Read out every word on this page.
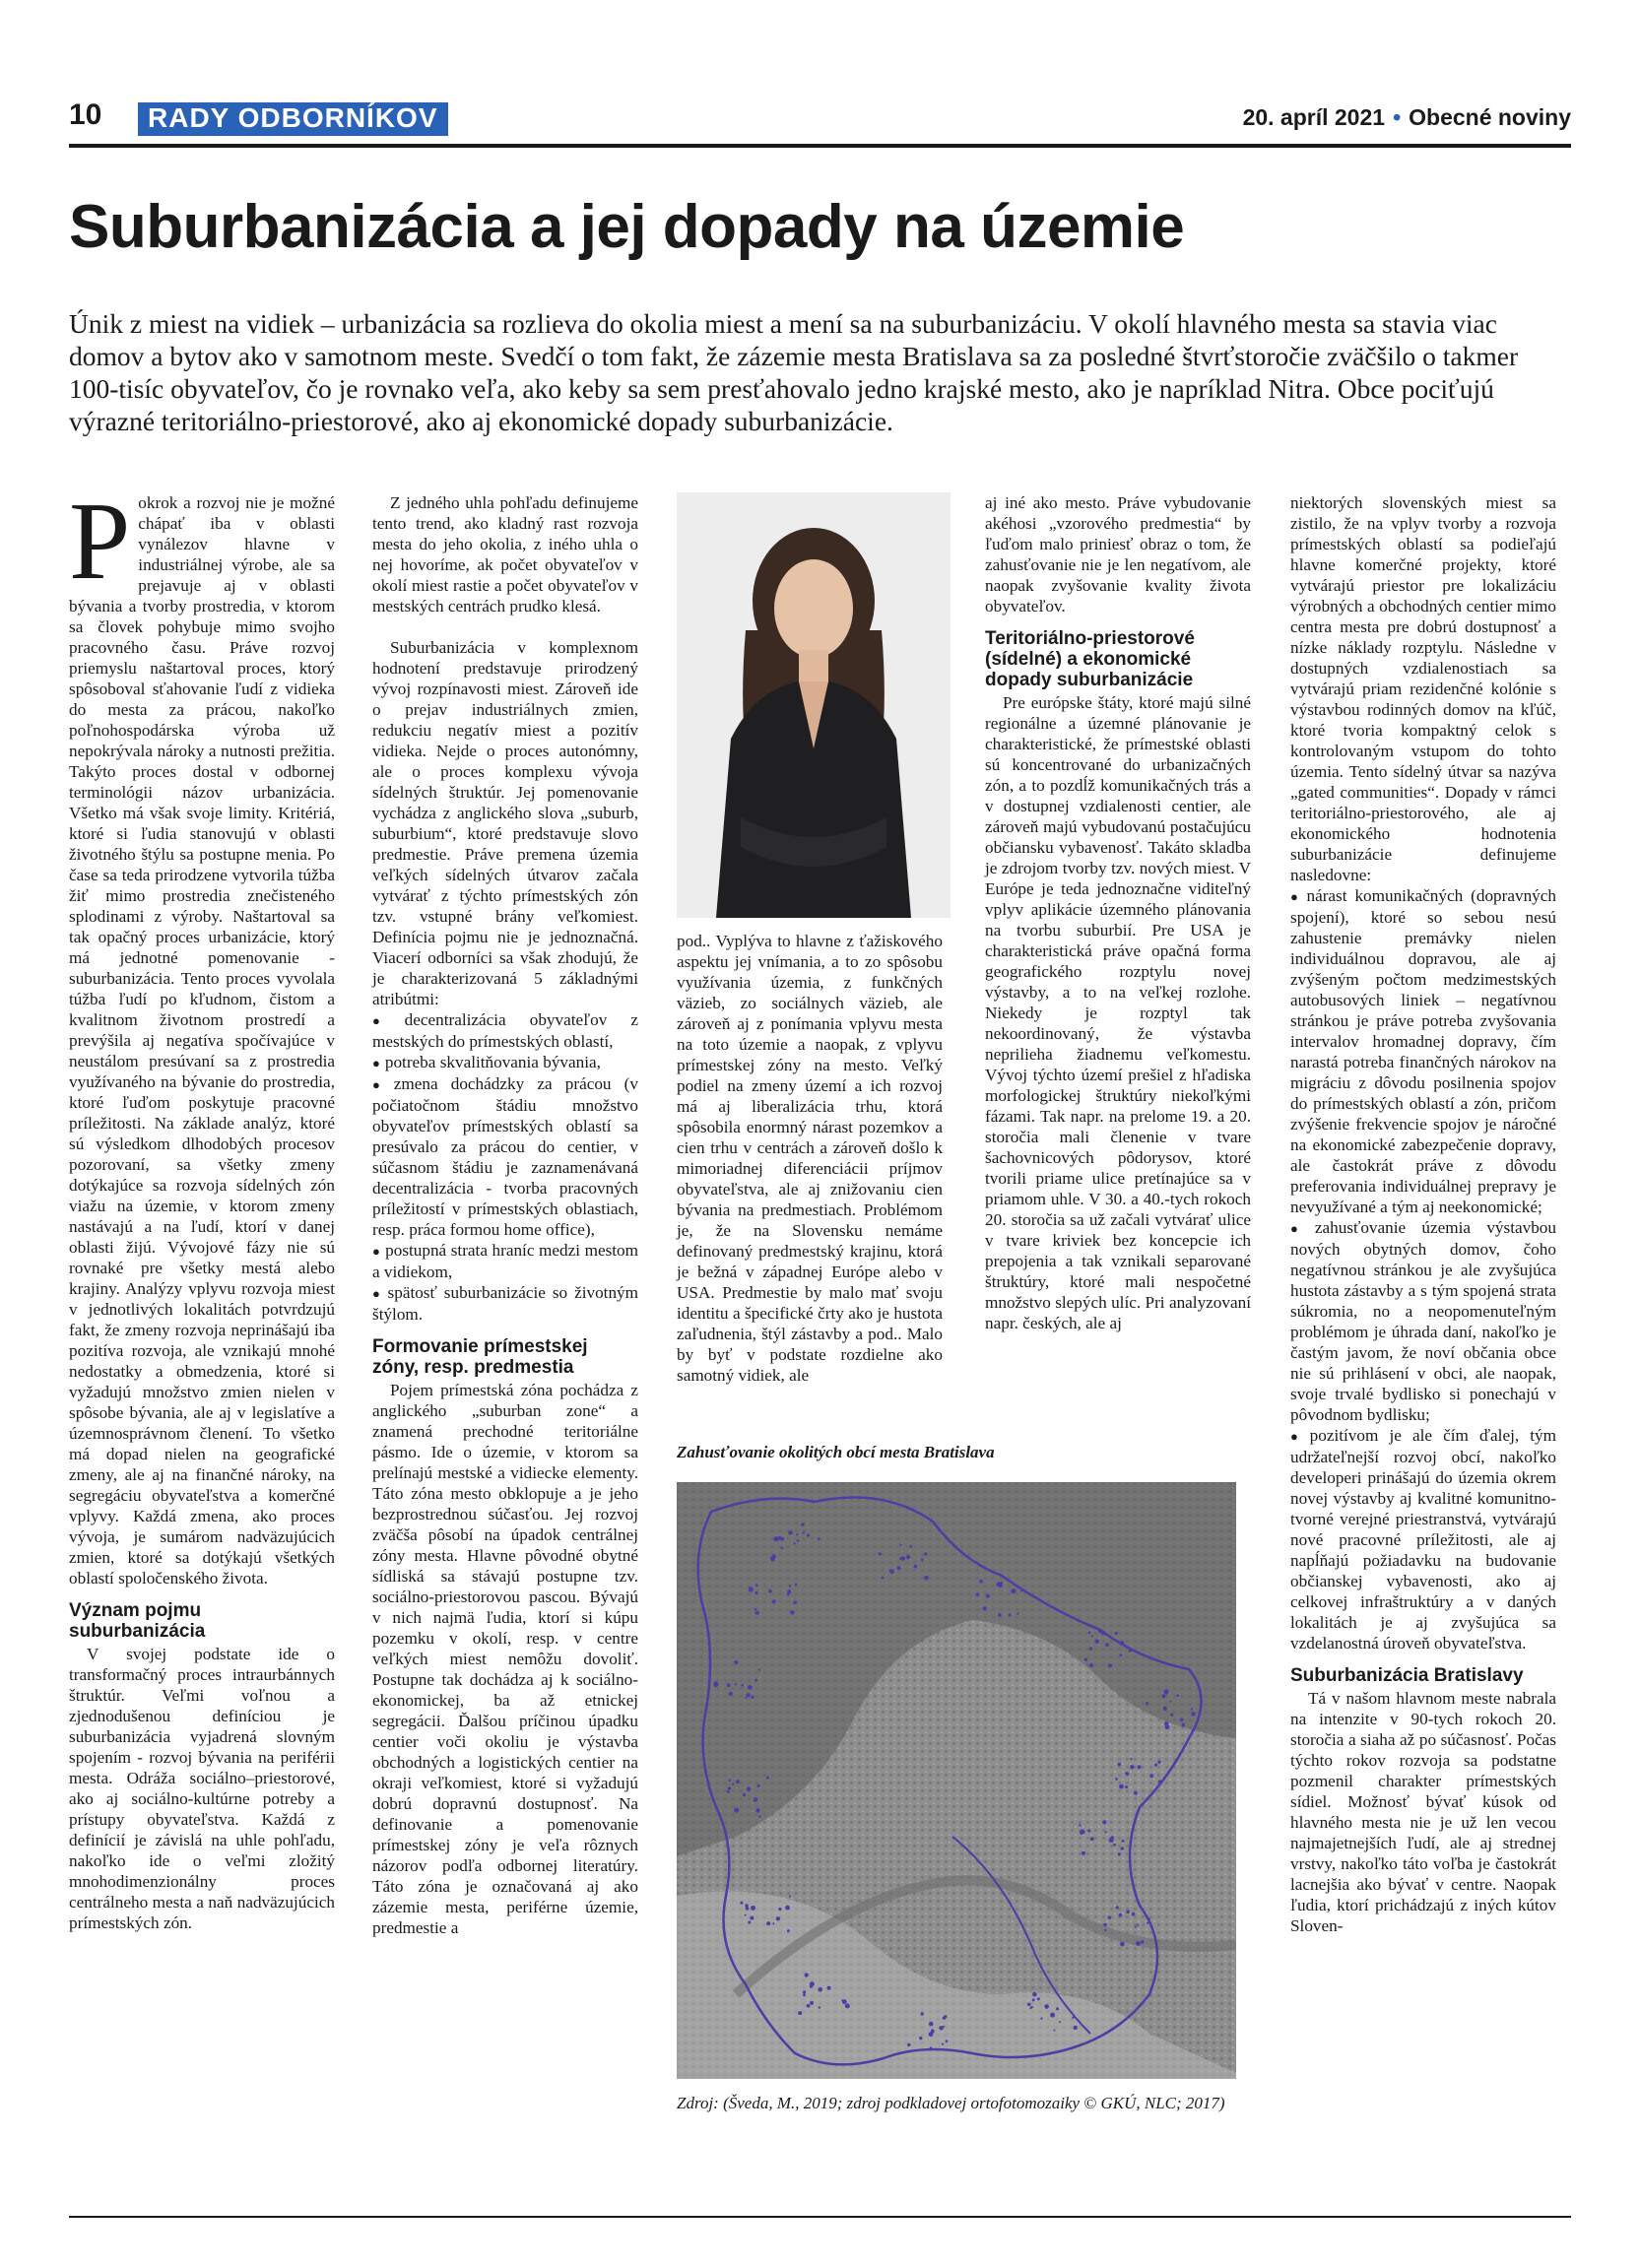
10	RADY ODBORNÍKOV	20. apríl 2021 • Obecné noviny
Suburbanizácia a jej dopady na územie

Únik z miest na vidiek – urbanizácia sa rozlieva do okolia miest a mení sa na suburbanizáciu. V okolí hlavného mesta sa stavia viac domov a bytov ako v samotnom meste. Svedčí o tom fakt, že zázemie mesta Bratislava sa za posledné štvrťstoročie zväčšilo o takmer 100-tisíc obyvateľov, čo je rovnako veľa, ako keby sa sem presťahovalo jedno krajské mesto, ako je napríklad Nitra. Obce pociťujú výrazné teritoriálno-priestorové, ako aj ekonomické dopady suburbanizácie.

Pokrok a rozvoj nie je možné chápať iba v oblasti vynálezov hlavne v industriálnej výrobe, ale sa prejavuje aj v oblasti bývania a tvorby prostredia, v ktorom sa človek pohybuje mimo svojho pracovného času. Práve rozvoj priemyslu naštartoval proces, ktorý spôsoboval sťahovanie ľudí z vidieka do mesta za prácou, nakoľko poľnohospodárska výroba už nepokrývala nároky a nutnosti prežitia. Takýto proces dostal v odbornej terminológii názov urbanizácia. Všetko má však svoje limity. Kritériá, ktoré si ľudia stanovujú v oblasti životného štýlu sa postupne menia. Po čase sa teda prirodzene vytvorila túžba žiť mimo prostredia znečisteného splodinami z výroby. Naštartoval sa tak opačný proces urbanizácie, ktorý má jednotné pomenovanie - suburbanizácia. Tento proces vyvolala túžba ľudí po kľudnom, čistom a kvalitnom životnom prostredí a prevýšila aj negatíva spočívajúce v neustálom presúvaní sa z prostredia využívaného na bývanie do prostredia, ktoré ľuďom poskytuje pracovné príležitosti. Na základe analýz, ktoré sú výsledkom dlhodobých procesov pozorovaní, sa všetky zmeny dotýkajúce sa rozvoja sídelných zón viažu na územie, v ktorom zmeny nastávajú a na ľudí, ktorí v danej oblasti žijú. Vývojové fázy nie sú rovnaké pre všetky mestá alebo krajiny. Analýzy vplyvu rozvoja miest v jednotlivých lokalitách potvrdzujú fakt, že zmeny rozvoja neprinášajú iba pozitíva rozvoja, ale vznikajú mnohé nedostatky a obmedzenia, ktoré si vyžadujú množstvo zmien nielen v spôsobe bývania, ale aj v legislatíve a územnosprávnom členení. To všetko má dopad nielen na geografické zmeny, ale aj na finančné nároky, na segregáciu obyvateľstva a komerčné vplyvy. Každá zmena, ako proces vývoja, je sumárom nadväzujúcich zmien, ktoré sa dotýkajú všetkých oblastí spoločenského života.

Význam pojmu suburbanizácia

V svojej podstate ide o transformačný proces intraurbánnych štruktúr. Veľmi voľnou a zjednodušenou definíciou je suburbanizácia vyjadrená slovným spojením - rozvoj bývania na periférii mesta. Odráža sociálno–priestorové, ako aj sociálno-kultúrne potreby a prístupy obyvateľstva. Každá z definícií je závislá na uhle pohľadu, nakoľko ide o veľmi zložitý mnohodimenzionálny proces centrálneho mesta a naň nadväzujúcich prímestských zón.

Z jedného uhla pohľadu definujeme tento trend, ako kladný rast rozvoja mesta do jeho okolia, z iného uhla o nej hovoríme, ak počet obyvateľov v okolí miest rastie a počet obyvateľov v mestských centrách prudko klesá.

Suburbanizácia v komplexnom hodnotení predstavuje prirodzený vývoj rozpínavosti miest. Zároveň ide o prejav industriálnych zmien, redukciu negatív miest a pozitív vidieka. Nejde o proces autonómny, ale o proces komplexu vývoja sídelných štruktúr. Jej pomenovanie vychádza z anglického slova „suburb, suburbium“, ktoré predstavuje slovo predmestie. Práve premena územia veľkých sídelných útvarov začala vytvárať z týchto prímestských zón tzv. vstupné brány veľkomiest. Definícia pojmu nie je jednoznačná. Viacerí odborníci sa však zhodujú, že je charakterizovaná 5 základnými atribútmi:

● decentralizácia obyvateľov z mestských do prímestských oblastí,
● potreba skvalitňovania bývania,
● zmena dochádzky za prácou (v počiatočnom štádiu množstvo obyvateľov prímestských oblastí sa presúvalo za prácou do centier, v súčasnom štádiu je zaznamenávaná decentralizácia - tvorba pracovných príležitostí v prímestských oblastiach, resp. práca formou home office),
● postupná strata hraníc medzi mestom a vidiekom,
● spätosť suburbanizácie so životným štýlom.
Formovanie prímestskej zóny, resp. predmestia

Pojem prímestská zóna pochádza z anglického „suburban zone“ a znamená prechodné teritoriálne pásmo. Ide o územie, v ktorom sa prelínajú mestské a vidiecke elementy. Táto zóna mesto obklopuje a je jeho bezprostrednou súčasťou. Jej rozvoj zväčša pôsobí na úpadok centrálnej zóny mesta. Hlavne pôvodné obytné sídliská sa stávajú postupne tzv. sociálno-priestorovou pascou. Bývajú v nich najmä ľudia, ktorí si kúpu pozemku v okolí, resp. v centre veľkých miest nemôžu dovoliť. Postupne tak dochádza aj k sociálno-ekonomickej, ba až etnickej segregácii. Ďalšou príčinou úpadku centier voči okoliu je výstavba obchodných a logistických centier na okraji veľkomiest, ktoré si vyžadujú dobrú dopravnú dostupnosť. Na definovanie a pomenovanie prímestskej zóny je veľa rôznych názorov podľa odbornej literatúry. Táto zóna je označovaná aj ako zázemie mesta, periférne územie, predmestie a

pod.. Vyplýva to hlavne z ťažiskového aspektu jej vnímania, a to zo spôsobu využívania územia, z funkčných väzieb, zo sociálnych väzieb, ale zároveň aj z ponímania vplyvu mesta na toto územie a naopak, z vplyvu prímestskej zóny na mesto. Veľký podiel na zmeny území a ich rozvoj má aj liberalizácia trhu, ktorá spôsobila enormný nárast pozemkov a cien trhu v centrách a zároveň došlo k mimoriadnej diferenciácii príjmov obyvateľstva, ale aj znižovaniu cien bývania na predmestiach. Problémom je, že na Slovensku nemáme definovaný predmestský krajinu, ktorá je bežná v západnej Európe alebo v USA. Predmestie by malo mať svoju identitu a špecifické črty ako je hustota zaľudnenia, štýl zástavby a pod.. Malo by byť v podstate rozdielne ako samotný vidiek, ale

aj iné ako mesto. Práve vybudovanie akéhosi „vzorového predmestia“ by ľuďom malo priniesť obraz o tom, že zahusťovanie nie je len negatívom, ale naopak zvyšovanie kvality života obyvateľov.

Teritoriálno-priestorové (sídelné) a ekonomické dopady suburbanizácie

Pre európske štáty, ktoré majú silné regionálne a územné plánovanie je charakteristické, že prímestské oblasti sú koncentrované do urbanizačných zón, a to pozdĺž komunikačných trás a v dostupnej vzdialenosti centier, ale zároveň majú vybudovanú postačujúcu občiansku vybavenosť. Takáto skladba je zdrojom tvorby tzv. nových miest. V Európe je teda jednoznačne viditeľný vplyv aplikácie územného plánovania na tvorbu suburbií. Pre USA je charakteristická práve opačná forma geografického rozptylu novej výstavby, a to na veľkej rozlohe. Niekedy je rozptyl tak nekoordinovaný, že výstavba neprilieha žiadnemu veľkomestu. Vývoj týchto území prešiel z hľadiska morfologickej štruktúry niekoľkými fázami. Tak napr. na prelome 19. a 20. storočia mali členenie v tvare šachovnicových pôdorysov, ktoré tvorili priame ulice pretínajúce sa v priamom uhle. V 30. a 40.-tych rokoch 20. storočia sa už začali vytvárať ulice v tvare kriviek bez koncepcie ich prepojenia a tak vznikali separované štruktúry, ktoré mali nespočetné množstvo slepých ulíc. Pri analyzovaní napr. českých, ale aj

niektorých slovenských miest sa zistilo, že na vplyv tvorby a rozvoja prímestských oblastí sa podieľajú hlavne komerčné projekty, ktoré vytvárajú priestor pre lokalizáciu výrobných a obchodných centier mimo centra mesta pre dobrú dostupnosť a nízke náklady rozptylu. Následne v dostupných vzdialenostiach sa vytvárajú priam rezidenčné kolónie s výstavbou rodinných domov na kľúč, ktoré tvoria kompaktný celok s kontrolovaným vstupom do tohto územia. Tento sídelný útvar sa nazýva „gated communities“. Dopady v rámci teritoriálno-priestorového, ale aj ekonomického hodnotenia suburbanizácie definujeme nasledovne:

● nárast komunikačných (dopravných spojení), ktoré so sebou nesú zahustenie premávky nielen individuálnou dopravou, ale aj zvýšeným počtom medzimestských autobusových liniek – negatívnou stránkou je práve potreba zvyšovania intervalov hromadnej dopravy, čím narastá potreba finančných nárokov na migráciu z dôvodu posilnenia spojov do prímestských oblastí a zón, pričom zvýšenie frekvencie spojov je náročné na ekonomické zabezpečenie dopravy, ale častokrát práve z dôvodu preferovania individuálnej prepravy je nevyužívané a tým aj neekonomické;
● zahusťovanie územia výstavbou nových obytných domov, čoho negatívnou stránkou je ale zvyšujúca hustota zástavby a s tým spojená strata súkromia, no a neopomenuteľným problémom je úhrada daní, nakoľko je častým javom, že noví občania obce nie sú prihlásení v obci, ale naopak, svoje trvalé bydlisko si ponechajú v pôvodnom bydlisku;
● pozitívom je ale čím ďalej, tým udržateľnejší rozvoj obcí, nakoľko developeri prinášajú do územia okrem novej výstavby aj kvalitné komunitno-tvorné verejné priestranstvá, vytvárajú nové pracovné príležitosti, ale aj napĺňajú požiadavku na budovanie občianskej vybavenosti, ako aj celkovej infraštruktúry a v daných lokalitách je aj zvyšujúca sa vzdelanostná úroveň obyvateľstva.
Suburbanizácia Bratislavy

Tá v našom hlavnom meste nabrala na intenzite v 90-tych rokoch 20. storočia a siaha až po súčasnosť. Počas týchto rokov rozvoja sa podstatne pozmenil charakter prímestských sídiel. Možnosť bývať kúsok od hlavného mesta nie je už len vecou najmajetnejších ľudí, ale aj strednej vrstvy, nakoľko táto voľba je častokrát lacnejšia ako bývať v centre. Naopak ľudia, ktorí prichádzajú z iných kútov Sloven-

Zahusťovanie okolitých obcí mesta Bratislava
Zdroj: (Šveda, M., 2019; zdroj podkladovej ortofotomozaiky © GKÚ, NLC; 2017)
